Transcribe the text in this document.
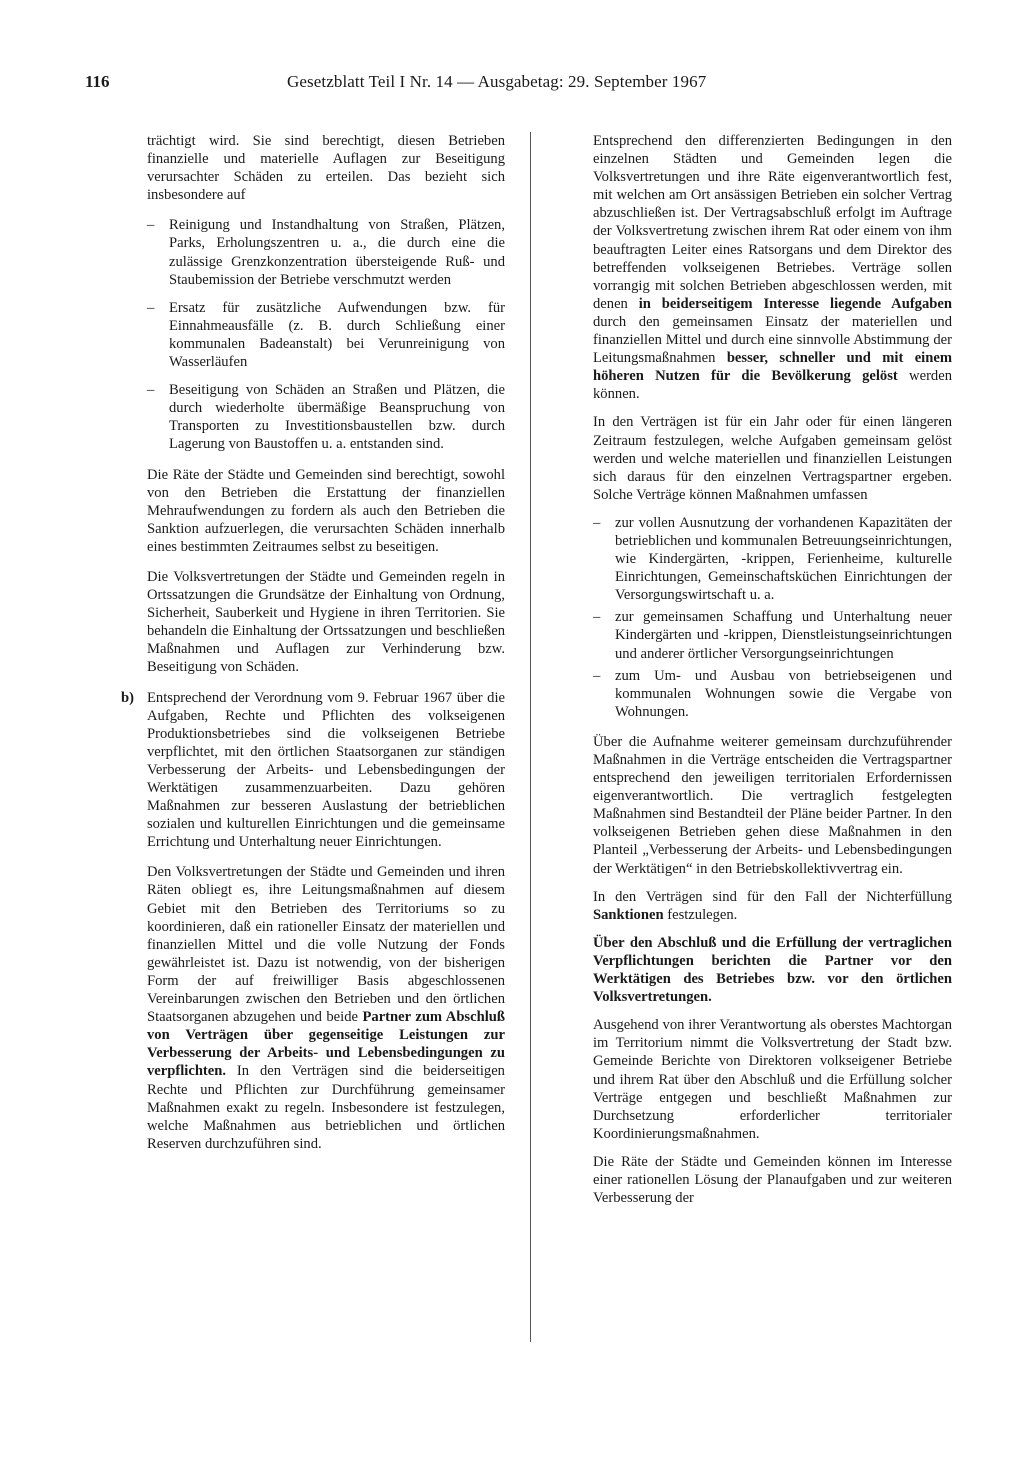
116	Gesetzblatt Teil I Nr. 14 — Ausgabetag: 29. September 1967

trächtigt wird. Sie sind berechtigt, diesen Betrieben finanzielle und materielle Auflagen zur Beseitigung verursachter Schäden zu erteilen. Das bezieht sich insbesondere auf

– Reinigung und Instandhaltung von Straßen, Plätzen, Parks, Erholungszentren u. a., die durch eine die zulässige Grenzkonzentration übersteigende Ruß- und Staubemission der Betriebe verschmutzt werden
– Ersatz für zusätzliche Aufwendungen bzw. für Einnahmeausfälle (z. B. durch Schließung einer kommunalen Badeanstalt) bei Verunreinigung von Wasserläufen
– Beseitigung von Schäden an Straßen und Plätzen, die durch wiederholte übermäßige Beanspruchung von Transporten zu Investitionsbaustellen bzw. durch Lagerung von Baustoffen u. a. entstanden sind.

Die Räte der Städte und Gemeinden sind berechtigt, sowohl von den Betrieben die Erstattung der finanziellen Mehraufwendungen zu fordern als auch den Betrieben die Sanktion aufzuerlegen, die verursachten Schäden innerhalb eines bestimmten Zeitraumes selbst zu beseitigen.

Die Volksvertretungen der Städte und Gemeinden regeln in Ortssatzungen die Grundsätze der Einhaltung von Ordnung, Sicherheit, Sauberkeit und Hygiene in ihren Territorien. Sie behandeln die Einhaltung der Ortssatzungen und beschließen Maßnahmen und Auflagen zur Verhinderung bzw. Beseitigung von Schäden.

b) Entsprechend der Verordnung vom 9. Februar 1967 über die Aufgaben, Rechte und Pflichten des volkseigenen Produktionsbetriebes sind die volkseigenen Betriebe verpflichtet, mit den örtlichen Staatsorganen zur ständigen Verbesserung der Arbeits- und Lebensbedingungen der Werktätigen zusammenzuarbeiten. Dazu gehören Maßnahmen zur besseren Auslastung der betrieblichen sozialen und kulturellen Einrichtungen und die gemeinsame Errichtung und Unterhaltung neuer Einrichtungen.

Den Volksvertretungen der Städte und Gemeinden und ihren Räten obliegt es, ihre Leitungsmaßnahmen auf diesem Gebiet mit den Betrieben des Territoriums so zu koordinieren, daß ein rationeller Einsatz der materiellen und finanziellen Mittel und die volle Nutzung der Fonds gewährleistet ist. Dazu ist notwendig, von der bisherigen Form der auf freiwilliger Basis abgeschlossenen Vereinbarungen zwischen den Betrieben und den örtlichen Staatsorganen abzugehen und beide Partner zum Abschluß von Verträgen über gegenseitige Leistungen zur Verbesserung der Arbeits- und Lebensbedingungen zu verpflichten. In den Verträgen sind die beiderseitigen Rechte und Pflichten zur Durchführung gemeinsamer Maßnahmen exakt zu regeln. Insbesondere ist festzulegen, welche Maßnahmen aus betrieblichen und örtlichen Reserven durchzuführen sind.

Entsprechend den differenzierten Bedingungen in den einzelnen Städten und Gemeinden legen die Volksvertretungen und ihre Räte eigenverantwortlich fest, mit welchen am Ort ansässigen Betrieben ein solcher Vertrag abzuschließen ist. Der Vertragsabschluß erfolgt im Auftrage der Volksvertretung zwischen ihrem Rat oder einem von ihm beauftragten Leiter eines Ratsorgans und dem Direktor des betreffenden volkseigenen Betriebes. Verträge sollen vorrangig mit solchen Betrieben abgeschlossen werden, mit denen in beiderseitigem Interesse liegende Aufgaben durch den gemeinsamen Einsatz der materiellen und finanziellen Mittel und durch eine sinnvolle Abstimmung der Leitungsmaßnahmen besser, schneller und mit einem höheren Nutzen für die Bevölkerung gelöst werden können.

In den Verträgen ist für ein Jahr oder für einen längeren Zeitraum festzulegen, welche Aufgaben gemeinsam gelöst werden und welche materiellen und finanziellen Leistungen sich daraus für den einzelnen Vertragspartner ergeben. Solche Verträge können Maßnahmen umfassen

– zur vollen Ausnutzung der vorhandenen Kapazitäten der betrieblichen und kommunalen Betreuungseinrichtungen, wie Kindergärten, -krippen, Ferienheime, kulturelle Einrichtungen, Gemeinschaftsküchen Einrichtungen der Versorgungswirtschaft u. a.
– zur gemeinsamen Schaffung und Unterhaltung neuer Kindergärten und -krippen, Dienstleistungseinrichtungen und anderer örtlicher Versorgungseinrichtungen
– zum Um- und Ausbau von betriebseigenen und kommunalen Wohnungen sowie die Vergabe von Wohnungen.

Über die Aufnahme weiterer gemeinsam durchzuführender Maßnahmen in die Verträge entscheiden die Vertragspartner entsprechend den jeweiligen territorialen Erfordernissen eigenverantwortlich. Die vertraglich festgelegten Maßnahmen sind Bestandteil der Pläne beider Partner. In den volkseigenen Betrieben gehen diese Maßnahmen in den Planteil „Verbesserung der Arbeits- und Lebensbedingungen der Werktätigen“ in den Betriebskollektivvertrag ein.

In den Verträgen sind für den Fall der Nichterfüllung Sanktionen festzulegen.

Über den Abschluß und die Erfüllung der vertraglichen Verpflichtungen berichten die Partner vor den Werktätigen des Betriebes bzw. vor den örtlichen Volksvertretungen.

Ausgehend von ihrer Verantwortung als oberstes Machtorgan im Territorium nimmt die Volksvertretung der Stadt bzw. Gemeinde Berichte von Direktoren volkseigener Betriebe und ihrem Rat über den Abschluß und die Erfüllung solcher Verträge entgegen und beschließt Maßnahmen zur Durchsetzung erforderlicher territorialer Koordinierungsmaßnahmen.

Die Räte der Städte und Gemeinden können im Interesse einer rationellen Lösung der Planaufgaben und zur weiteren Verbesserung der
